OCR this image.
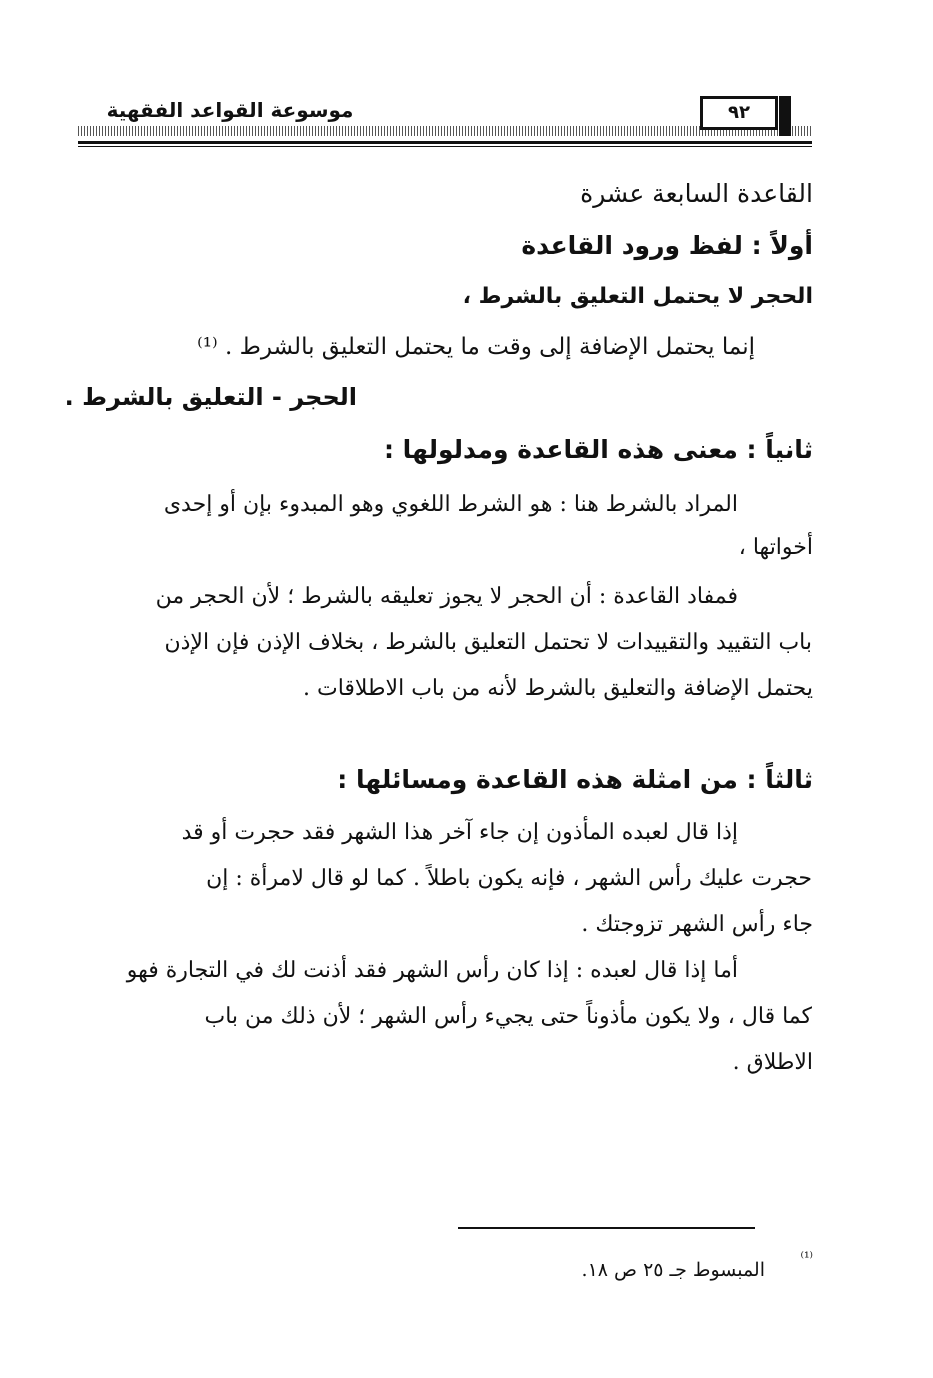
موسوعة القواعد الفقهية	٩٢
القاعدة السابعة عشرة
أولاً : لفظ ورود القاعدة
الحجر لا يحتمل التعليق بالشرط ،
إنما يحتمل الإضافة إلى وقت ما يحتمل التعليق بالشرط . ⁽¹⁾
الحجر - التعليق بالشرط .
ثانياً : معنى هذه القاعدة ومدلولها :
المراد بالشرط هنا : هو الشرط اللغوي وهو المبدوء بإن أو إحدى
أخواتها ،
فمفاد القاعدة : أن الحجر لا يجوز تعليقه بالشرط ؛ لأن الحجر من
باب التقييد والتقييدات لا تحتمل التعليق بالشرط ، بخلاف الإذن فإن الإذن
يحتمل الإضافة والتعليق بالشرط لأنه من باب الاطلاقات .
ثالثاً : من امثلة هذه القاعدة ومسائلها :
إذا قال لعبده المأذون إن جاء آخر هذا الشهر فقد حجرت أو قد
حجرت عليك رأس الشهر ، فإنه يكون باطلاً . كما لو قال لامرأة : إن
جاء رأس الشهر تزوجتك .
أما إذا قال لعبده : إذا كان رأس الشهر فقد أذنت لك في التجارة فهو
كما قال ، ولا يكون مأذوناً حتى يجيء رأس الشهر ؛ لأن ذلك من باب
الاطلاق .
⁽¹⁾
المبسوط جـ ٢٥ ص ١٨.
